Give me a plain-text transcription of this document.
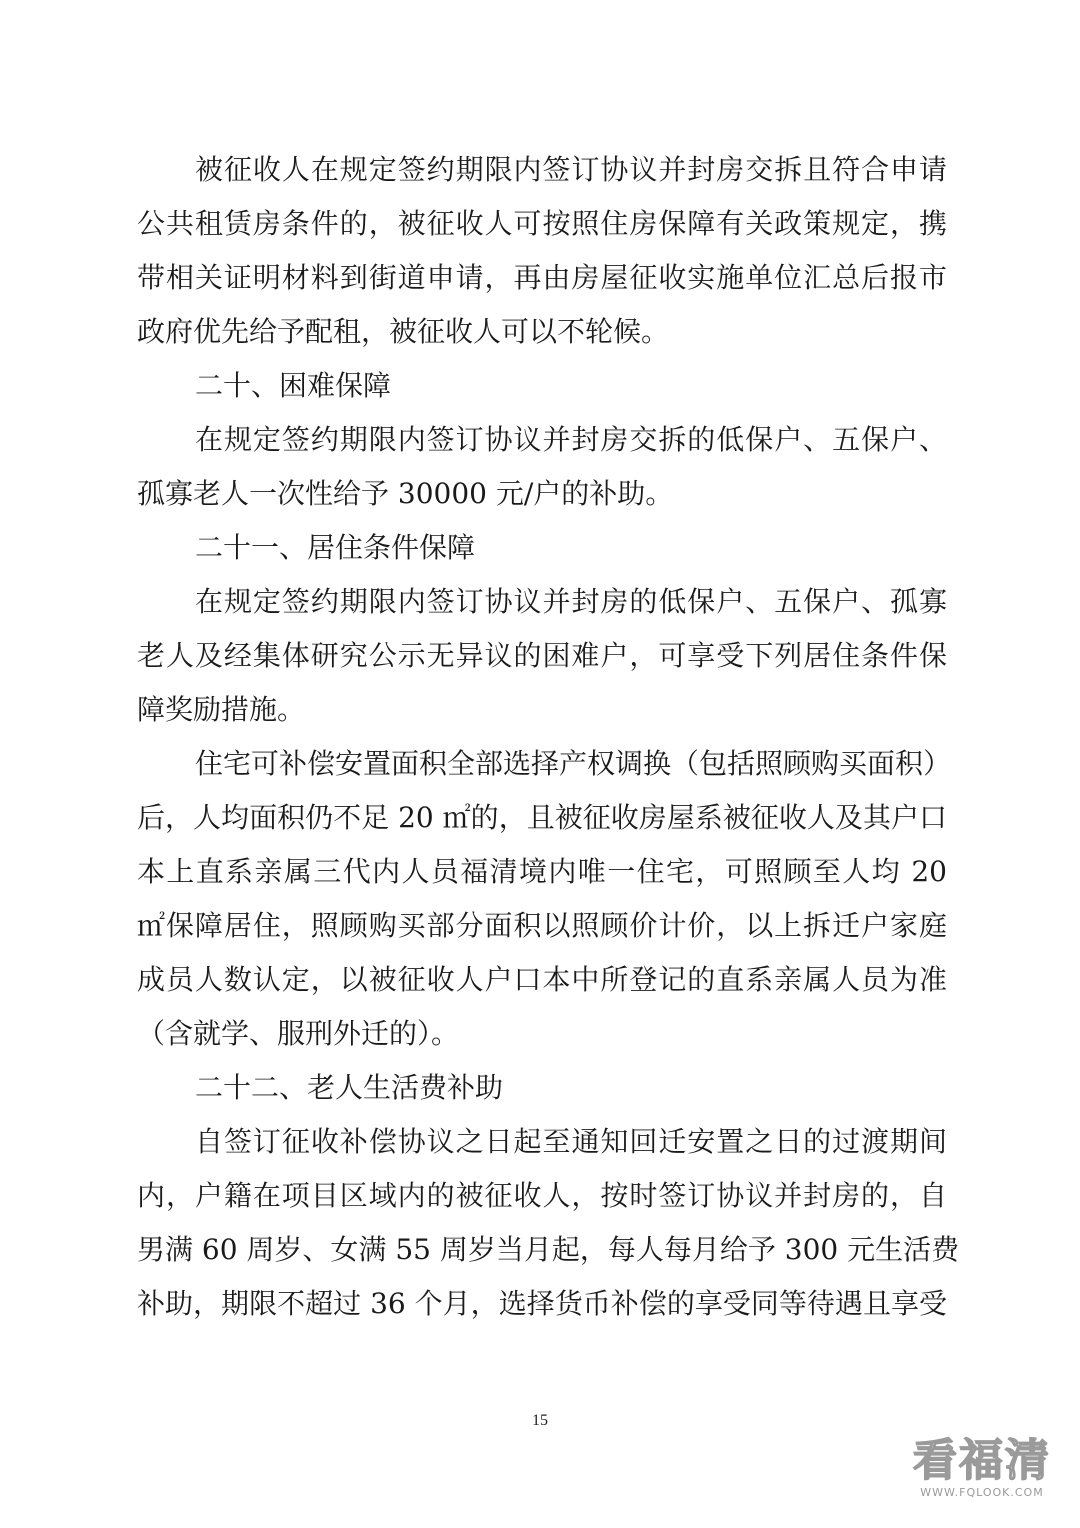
被征收人在规定签约期限内签订协议并封房交拆且符合申请
公共租赁房条件的，被征收人可按照住房保障有关政策规定，携
带相关证明材料到街道申请，再由房屋征收实施单位汇总后报市
政府优先给予配租，被征收人可以不轮候。
二十、困难保障
在规定签约期限内签订协议并封房交拆的低保户、五保户、
孤寡老人一次性给予 30000 元/户的补助。
二十一、居住条件保障
在规定签约期限内签订协议并封房的低保户、五保户、孤寡
老人及经集体研究公示无异议的困难户，可享受下列居住条件保
障奖励措施。
住宅可补偿安置面积全部选择产权调换（包括照顾购买面积）
后，人均面积仍不足 20 ㎡的，且被征收房屋系被征收人及其户口
本上直系亲属三代内人员福清境内唯一住宅，可照顾至人均 20
㎡保障居住，照顾购买部分面积以照顾价计价，以上拆迁户家庭
成员人数认定，以被征收人户口本中所登记的直系亲属人员为准
（含就学、服刑外迁的）。
二十二、老人生活费补助
自签订征收补偿协议之日起至通知回迁安置之日的过渡期间
内，户籍在项目区域内的被征收人，按时签订协议并封房的，自
男满 60 周岁、女满 55 周岁当月起，每人每月给予 300 元生活费
补助，期限不超过 36 个月，选择货币补偿的享受同等待遇且享受
15
看福清
WWW.FQLOOK.COM
